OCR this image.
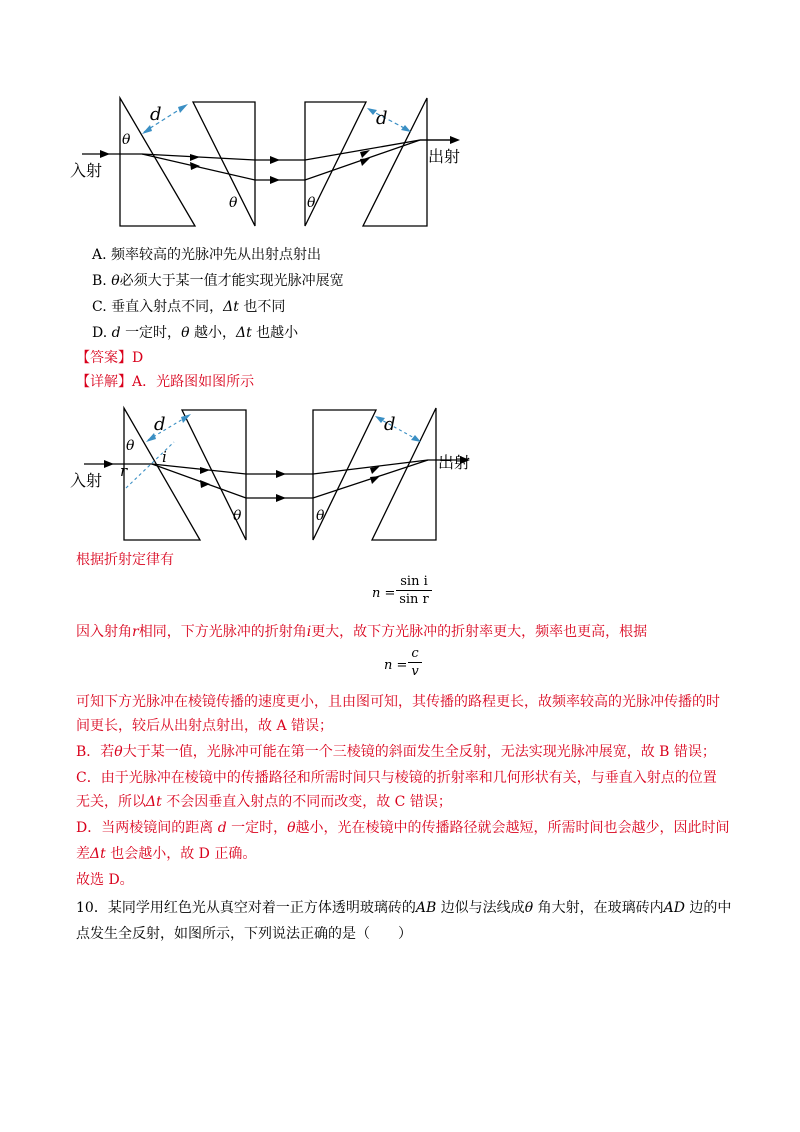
d	d
θ
θ	θ
入射
出射
A. 频率较高的光脉冲先从出射点射出
B. θ必须大于某一值才能实现光脉冲展宽
C. 垂直入射点不同，Δt 也不同
D. d 一定时，θ 越小，Δt 也越小
【答案】D
【详解】A．光路图如图所示
d	d
θ
i
r
θ	θ
入射
出射
根据折射定律有
n =
sin i
sin r
因入射角r相同，下方光脉冲的折射角i更大，故下方光脉冲的折射率更大，频率也更高，根据
n =
c
v
可知下方光脉冲在棱镜传播的速度更小，且由图可知，其传播的路程更长，故频率较高的光脉冲传播的时
间更长，较后从出射点射出，故 A 错误；
B．若θ大于某一值，光脉冲可能在第一个三棱镜的斜面发生全反射，无法实现光脉冲展宽，故 B 错误；
C．由于光脉冲在棱镜中的传播路径和所需时间只与棱镜的折射率和几何形状有关，与垂直入射点的位置
无关，所以Δt 不会因垂直入射点的不同而改变，故 C 错误；
D．当两棱镜间的距离 d 一定时，θ越小，光在棱镜中的传播路径就会越短，所需时间也会越少，因此时间
差Δt 也会越小，故 D 正确。
故选 D。
10．某同学用红色光从真空对着一正方体透明玻璃砖的AB 边似与法线成θ 角大射，在玻璃砖内AD 边的中
点发生全反射，如图所示，下列说法正确的是（　　）
